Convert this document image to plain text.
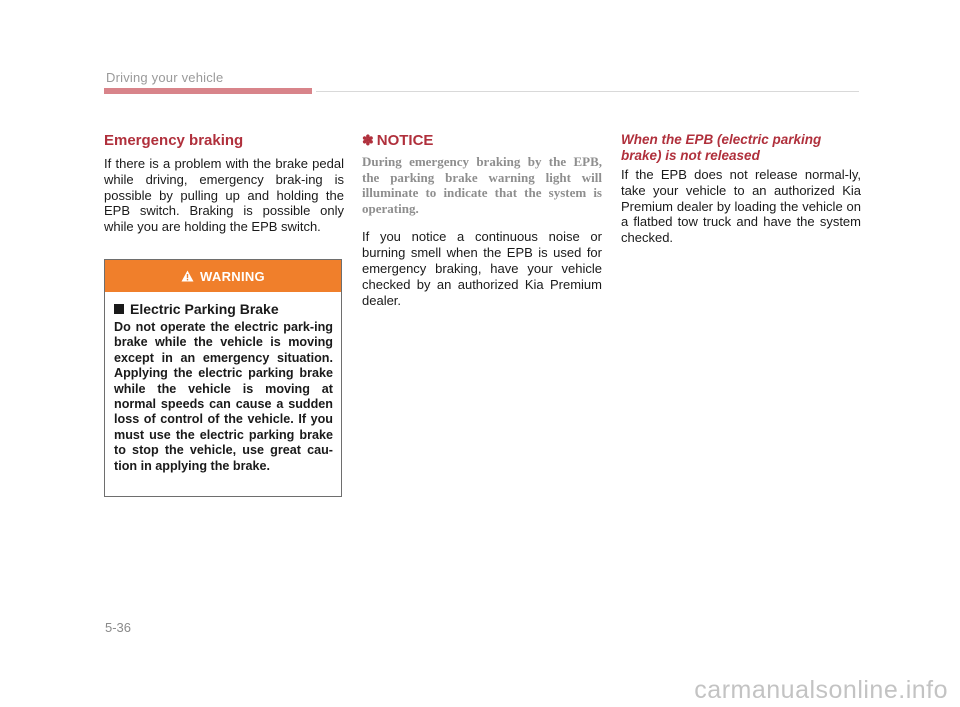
Driving your vehicle
Emergency braking

If there is a problem with the brake pedal while driving, emergency brak-ing is possible by pulling up and holding the EPB switch. Braking is possible only while you are holding the EPB switch.

WARNING
Electric Parking Brake

Do not operate the electric park-ing brake while the vehicle is moving except in an emergency situation. Applying the electric parking brake while the vehicle is moving at normal speeds can cause a sudden loss of control of the vehicle. If you must use the electric parking brake to stop the vehicle, use great cau-tion in applying the brake.

✽ NOTICE

During emergency braking by the EPB, the parking brake warning light will illuminate to indicate that the system is operating.

If you notice a continuous noise or burning smell when the EPB is used for emergency braking, have your vehicle checked by an authorized Kia Premium dealer.

When the EPB (electric parking brake) is not released

If the EPB does not release normal-ly, take your vehicle to an authorized Kia Premium dealer by loading the vehicle on a flatbed tow truck and have the system checked.

5-36
carmanualsonline.info
